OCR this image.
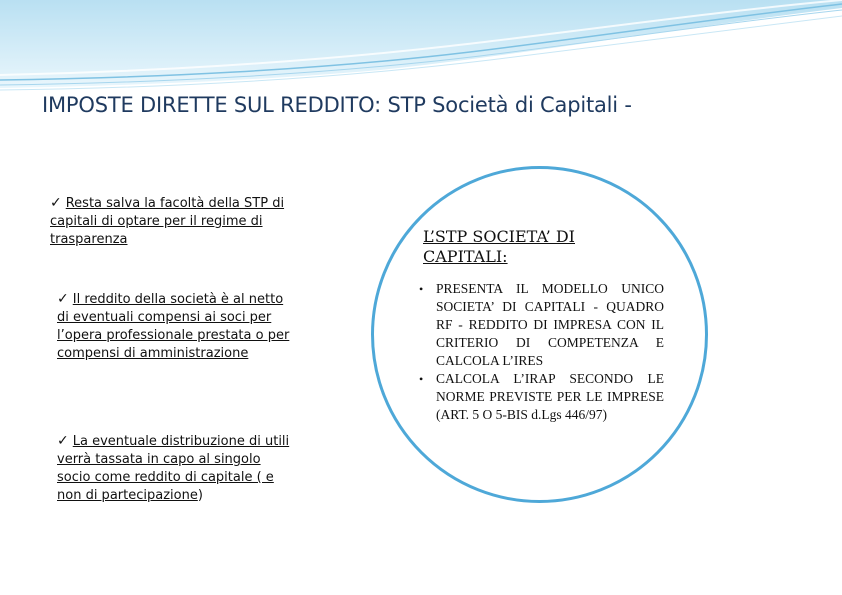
IMPOSTE DIRETTE SUL REDDITO: STP Società di Capitali -
✓ Resta salva la facoltà della STP di capitali di optare per il regime di trasparenza
✓ Il reddito della società è al netto di eventuali compensi ai soci per l’opera professionale prestata o per compensi di amministrazione
✓ La eventuale distribuzione di utili verrà tassata in capo al singolo socio come reddito di capitale ( e non di partecipazione)
L’STP SOCIETA’ DI CAPITALI:
• PRESENTA IL MODELLO UNICO SOCIETA’ DI CAPITALI - QUADRO RF - REDDITO DI IMPRESA CON IL CRITERIO DI COMPETENZA E CALCOLA L’IRES
• CALCOLA L’IRAP SECONDO LE NORME PREVISTE PER LE IMPRESE (ART. 5 O 5-BIS d.Lgs 446/97)
